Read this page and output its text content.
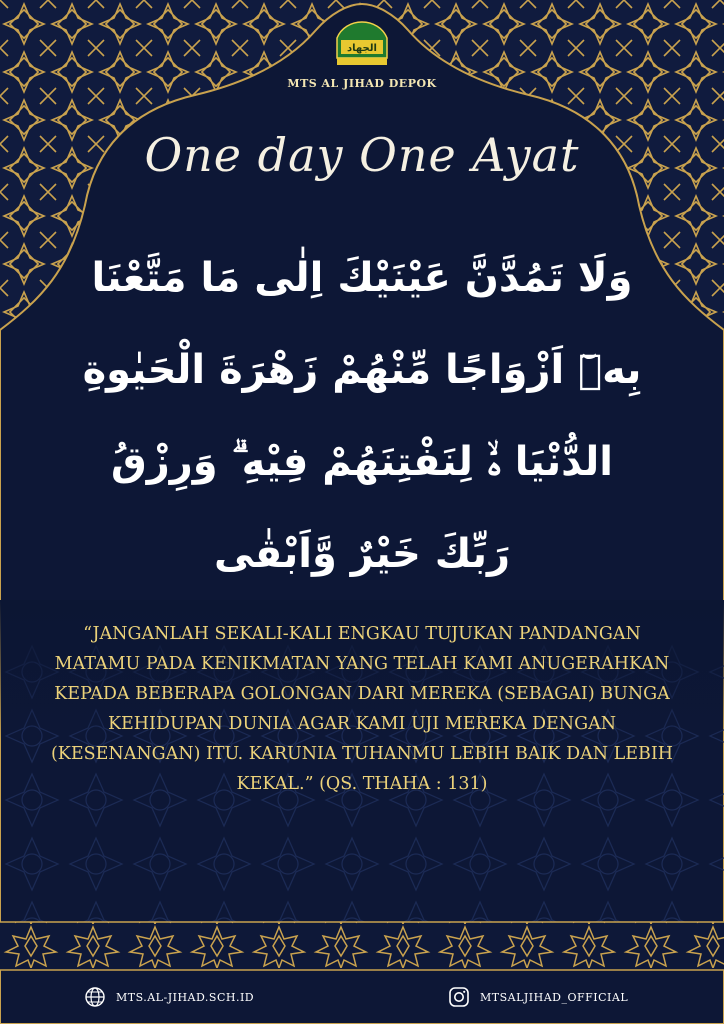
الجهاد
MTS AL JIHAD DEPOK
One day One Ayat
وَلَا تَمُدَّنَّ عَيْنَيْكَ اِلٰى مَا مَتَّعْنَا
بِهٖٓ اَزْوَاجًا مِّنْهُمْ زَهْرَةَ الْحَيٰوةِ
الدُّنْيَا ەۙ لِنَفْتِنَهُمْ فِيْهِ ۗ وَرِزْقُ
رَبِّكَ خَيْرٌ وَّاَبْقٰى
“JANGANLAH SEKALI-KALI ENGKAU TUJUKAN PANDANGAN MATAMU PADA KENIKMATAN YANG TELAH KAMI ANUGERAHKAN KEPADA BEBERAPA GOLONGAN DARI MEREKA (SEBAGAI) BUNGA KEHIDUPAN DUNIA AGAR KAMI UJI MEREKA DENGAN (KESENANGAN) ITU. KARUNIA TUHANMU LEBIH BAIK DAN LEBIH KEKAL.” (QS. THAHA : 131)
MTS.AL-JIHAD.SCH.ID	MTSALJIHAD_OFFICIAL
